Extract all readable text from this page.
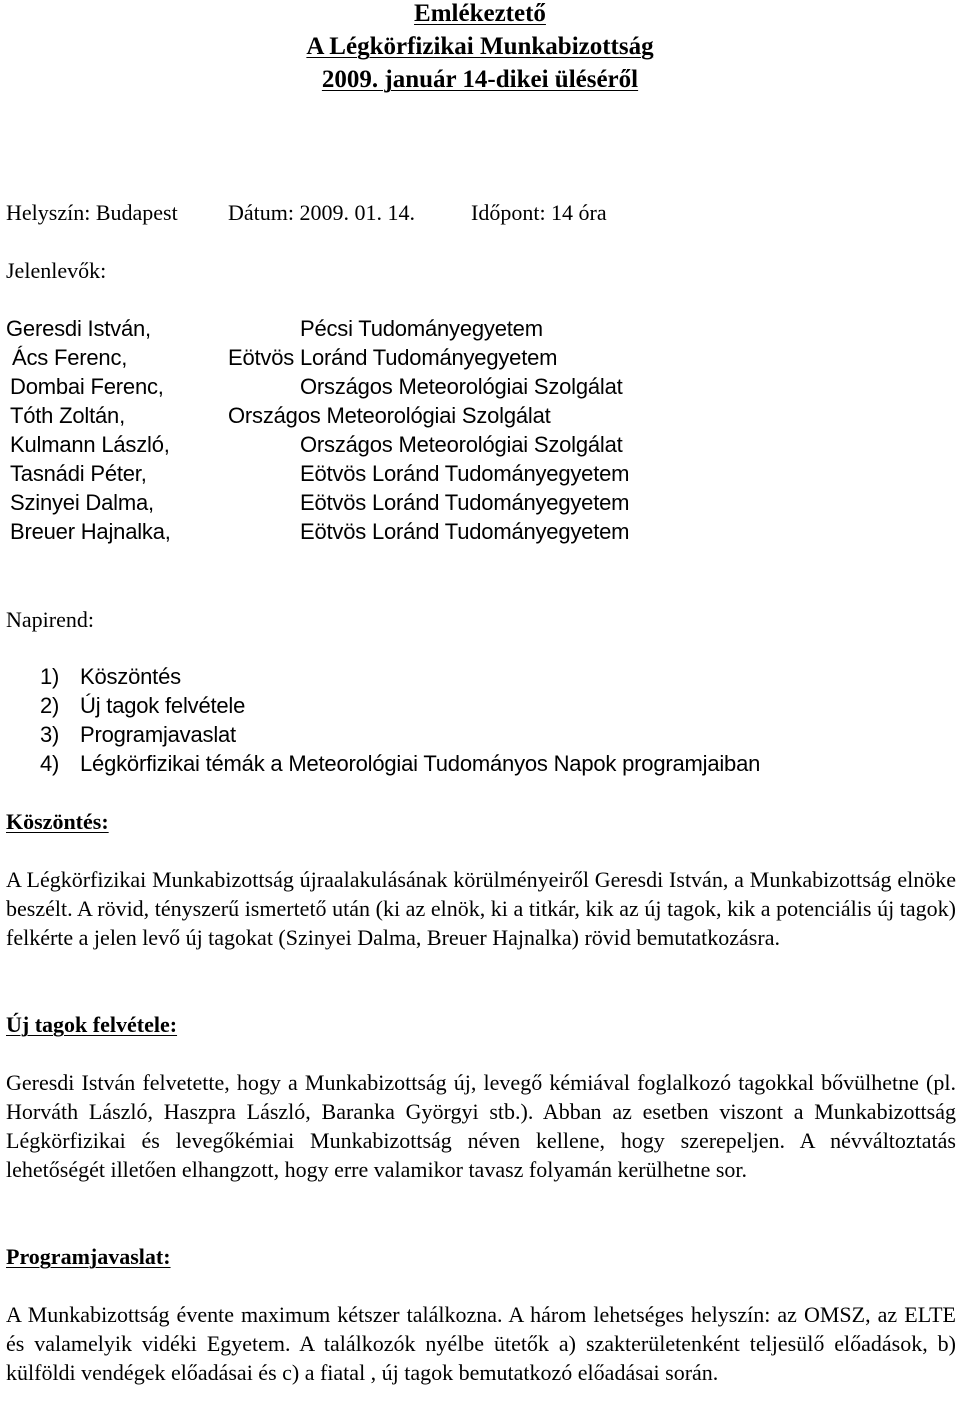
Emlékeztető
A Légkörfizikai Munkabizottság
2009. január 14-dikei üléséről
Helyszín: Budapest Dátum: 2009. 01. 14.	Időpont: 14 óra
Jelenlevők:
Geresdi István,	Pécsi Tudományegyetem
Ács Ferenc,	Eötvös Loránd Tudományegyetem
Dombai Ferenc,	Országos Meteorológiai Szolgálat
Tóth Zoltán,	Országos Meteorológiai Szolgálat
Kulmann László,	Országos Meteorológiai Szolgálat
Tasnádi Péter,	Eötvös Loránd Tudományegyetem
Szinyei Dalma,	Eötvös Loránd Tudományegyetem
Breuer Hajnalka,	Eötvös Loránd Tudományegyetem
Napirend:
1) Köszöntés
2) Új tagok felvétele
3) Programjavaslat
4) Légkörfizikai témák a Meteorológiai Tudományos Napok programjaiban
Köszöntés:
A Légkörfizikai Munkabizottság újraalakulásának körülményeiről Geresdi István, a Munkabizottság elnöke beszélt. A rövid, tényszerű ismertető után (ki az elnök, ki a titkár, kik az új tagok, kik a potenciális új tagok) felkérte a jelen levő új tagokat (Szinyei Dalma, Breuer Hajnalka) rövid bemutatkozásra.
Új tagok felvétele:
Geresdi István felvetette, hogy a Munkabizottság új, levegő kémiával foglalkozó tagokkal bővülhetne (pl. Horváth László, Haszpra László, Baranka Györgyi stb.). Abban az esetben viszont a Munkabizottság Légkörfizikai és levegőkémiai Munkabizottság néven kellene, hogy szerepeljen. A névváltoztatás lehetőségét illetően elhangzott, hogy erre valamikor tavasz folyamán kerülhetne sor.
Programjavaslat:
A Munkabizottság évente maximum kétszer találkozna. A három lehetséges helyszín: az OMSZ, az ELTE és valamelyik vidéki Egyetem. A találkozók nyélbe ütetők a) szakterületenként teljesülő előadások, b) külföldi vendégek előadásai és c) a fiatal , új tagok bemutatkozó előadásai során.
